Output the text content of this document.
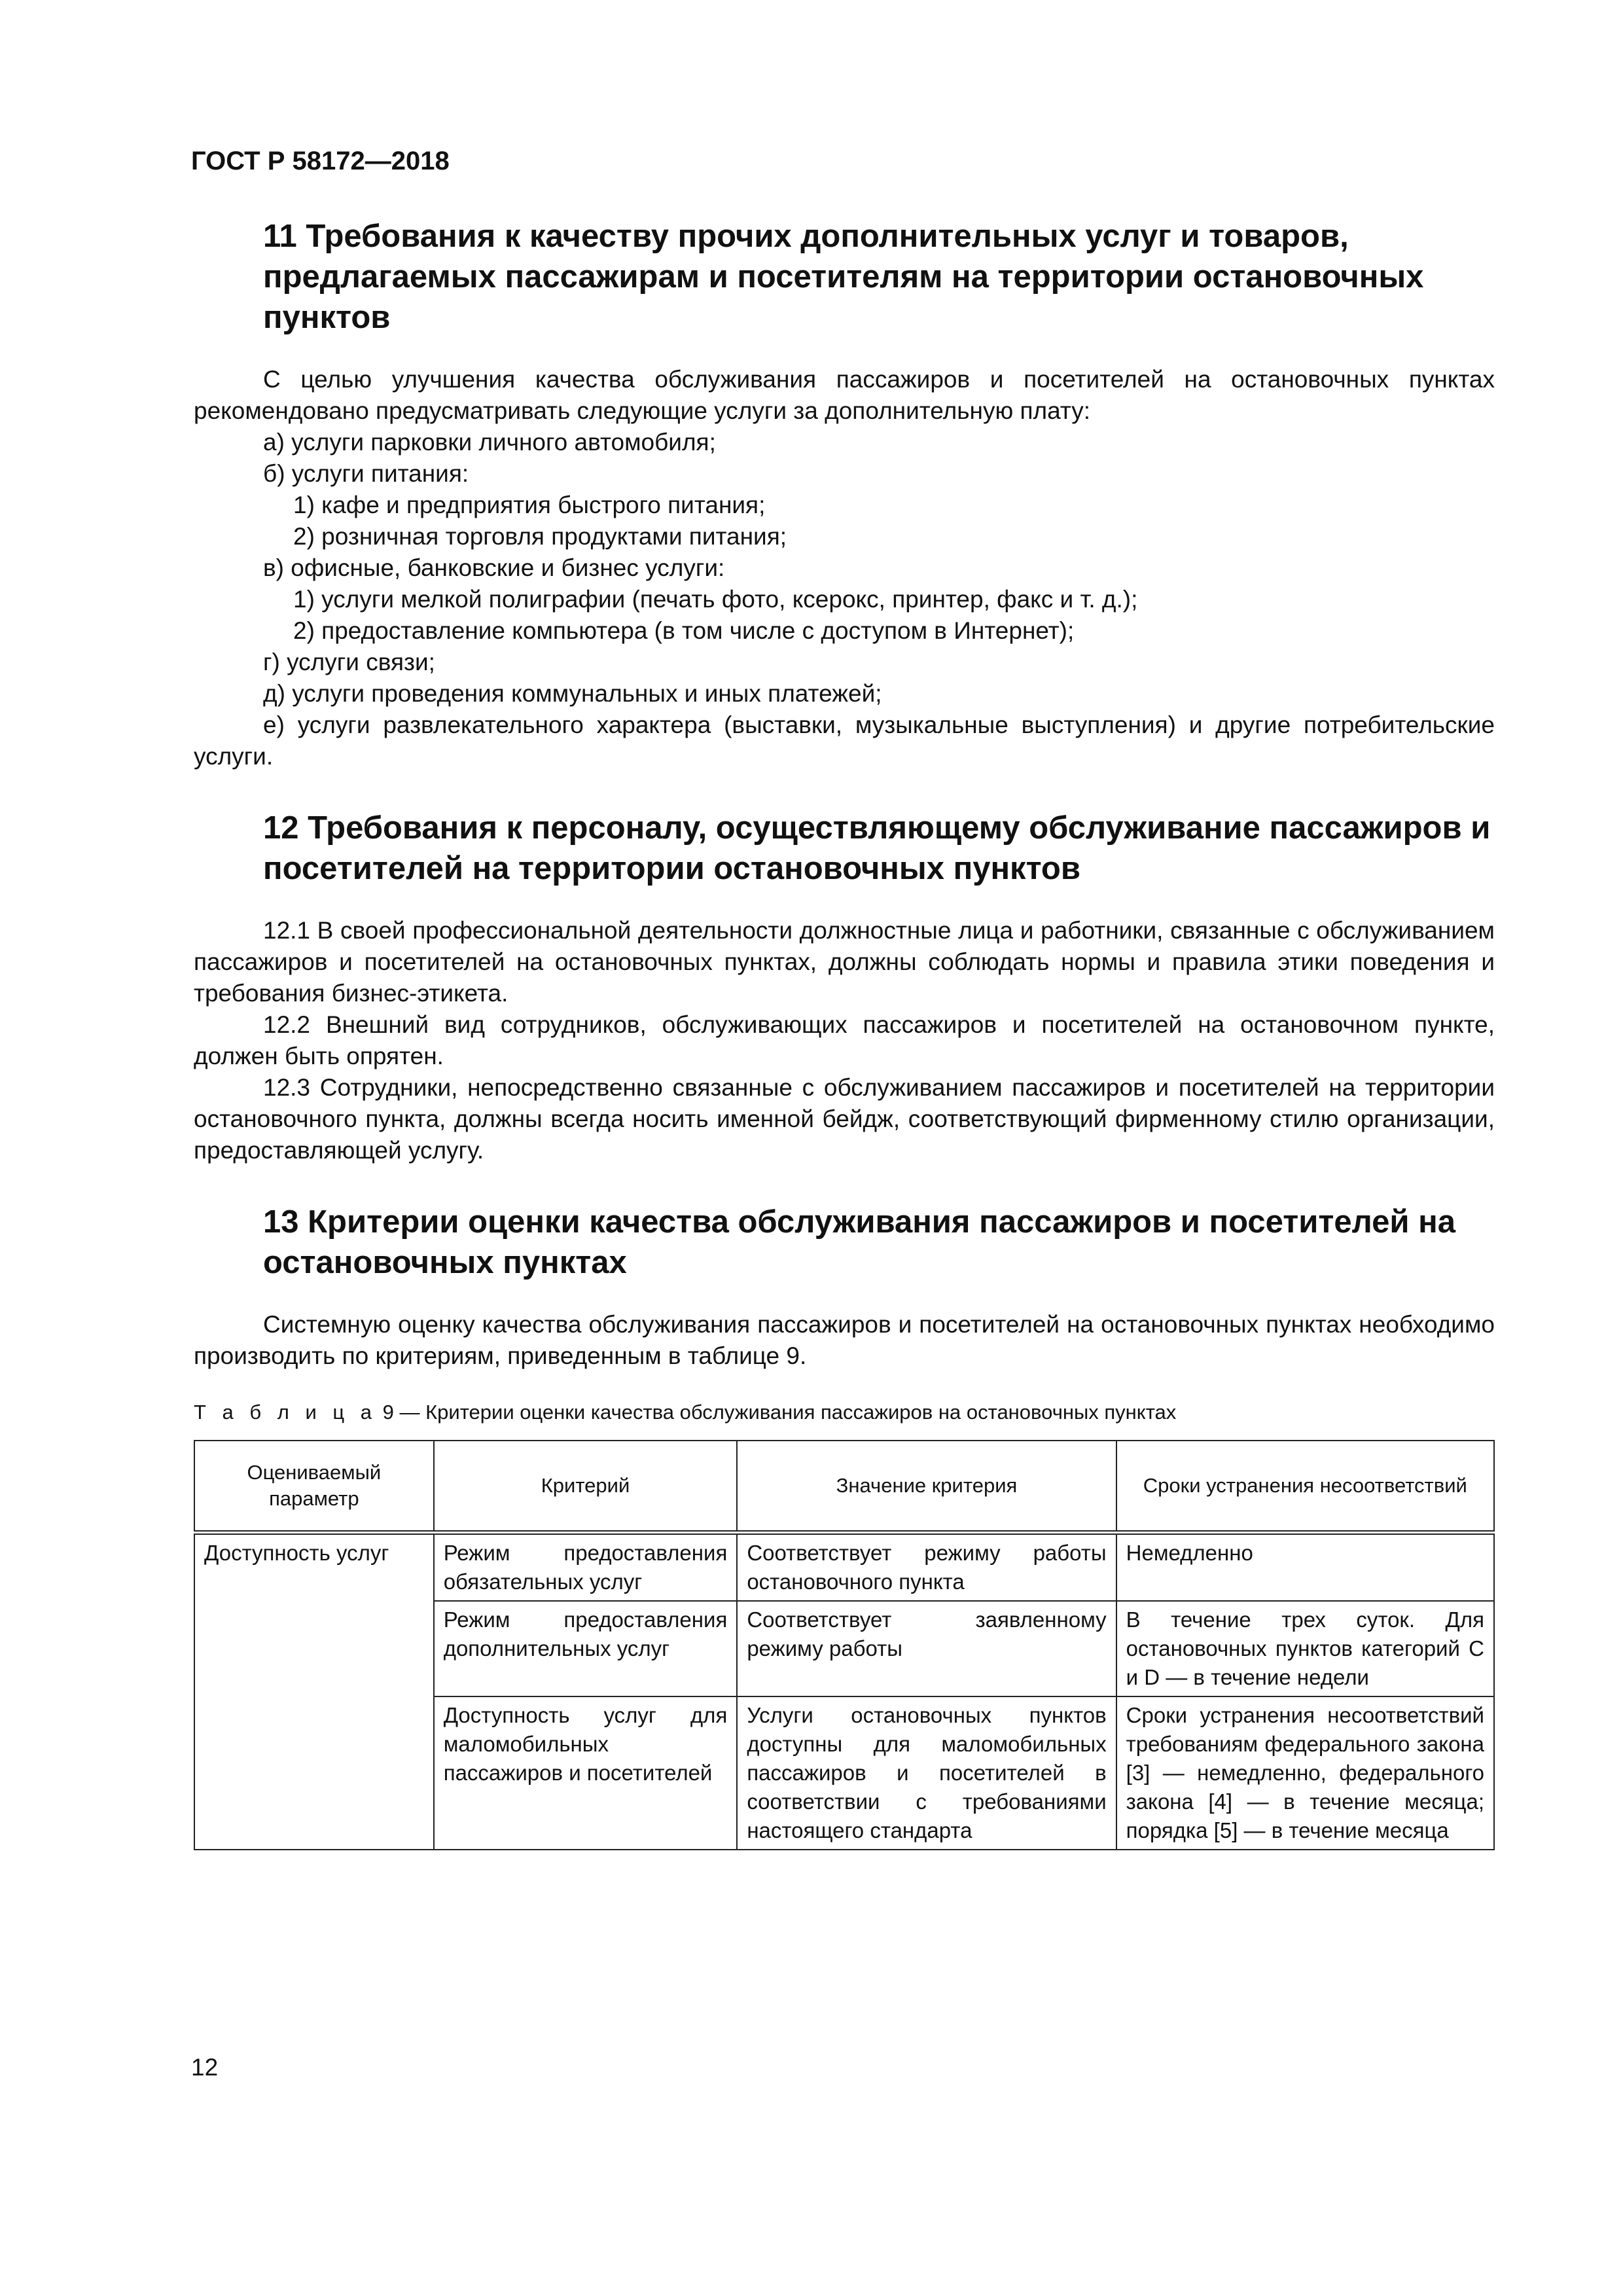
ГОСТ Р 58172—2018

11 Требования к качеству прочих дополнительных услуг и товаров, предлагаемых пассажирам и посетителям на территории остановочных пунктов

С целью улучшения качества обслуживания пассажиров и посетителей на остановочных пунктах рекомендовано предусматривать следующие услуги за дополнительную плату:

а) услуги парковки личного автомобиля;

б) услуги питания:

1) кафе и предприятия быстрого питания;

2) розничная торговля продуктами питания;

в) офисные, банковские и бизнес услуги:

1) услуги мелкой полиграфии (печать фото, ксерокс, принтер, факс и т. д.);

2) предоставление компьютера (в том числе с доступом в Интернет);

г) услуги связи;

д) услуги проведения коммунальных и иных платежей;

е) услуги развлекательного характера (выставки, музыкальные выступления) и другие потребительские услуги.

12 Требования к персоналу, осуществляющему обслуживание пассажиров и посетителей на территории остановочных пунктов

12.1 В своей профессиональной деятельности должностные лица и работники, связанные с обслуживанием пассажиров и посетителей на остановочных пунктах, должны соблюдать нормы и правила этики поведения и требования бизнес-этикета.

12.2 Внешний вид сотрудников, обслуживающих пассажиров и посетителей на остановочном пункте, должен быть опрятен.

12.3 Сотрудники, непосредственно связанные с обслуживанием пассажиров и посетителей на территории остановочного пункта, должны всегда носить именной бейдж, соответствующий фирменному стилю организации, предоставляющей услугу.

13 Критерии оценки качества обслуживания пассажиров и посетителей на остановочных пунктах

Системную оценку качества обслуживания пассажиров и посетителей на остановочных пунктах необходимо производить по критериям, приведенным в таблице 9.

Т а б л и ц а 9 — Критерии оценки качества обслуживания пассажиров на остановочных пунктах

Оцениваемый параметр	Критерий	Значение критерия	Сроки устранения несоответствий
Доступность услуг	Режим предоставления обязательных услуг	Соответствует режиму работы остановочного пункта	Немедленно
	Режим предоставления дополнительных услуг	Соответствует заявленному режиму работы	В течение трех суток. Для остановочных пунктов категорий С и D — в течение недели
	Доступность услуг для маломобильных пассажиров и посетителей	Услуги остановочных пунктов доступны для маломобильных пассажиров и посетителей в соответствии с требованиями настоящего стандарта	Сроки устранения несоответствий требованиям федерального закона [3] — немедленно, федерального закона [4] — в течение месяца; порядка [5] — в течение месяца

12
